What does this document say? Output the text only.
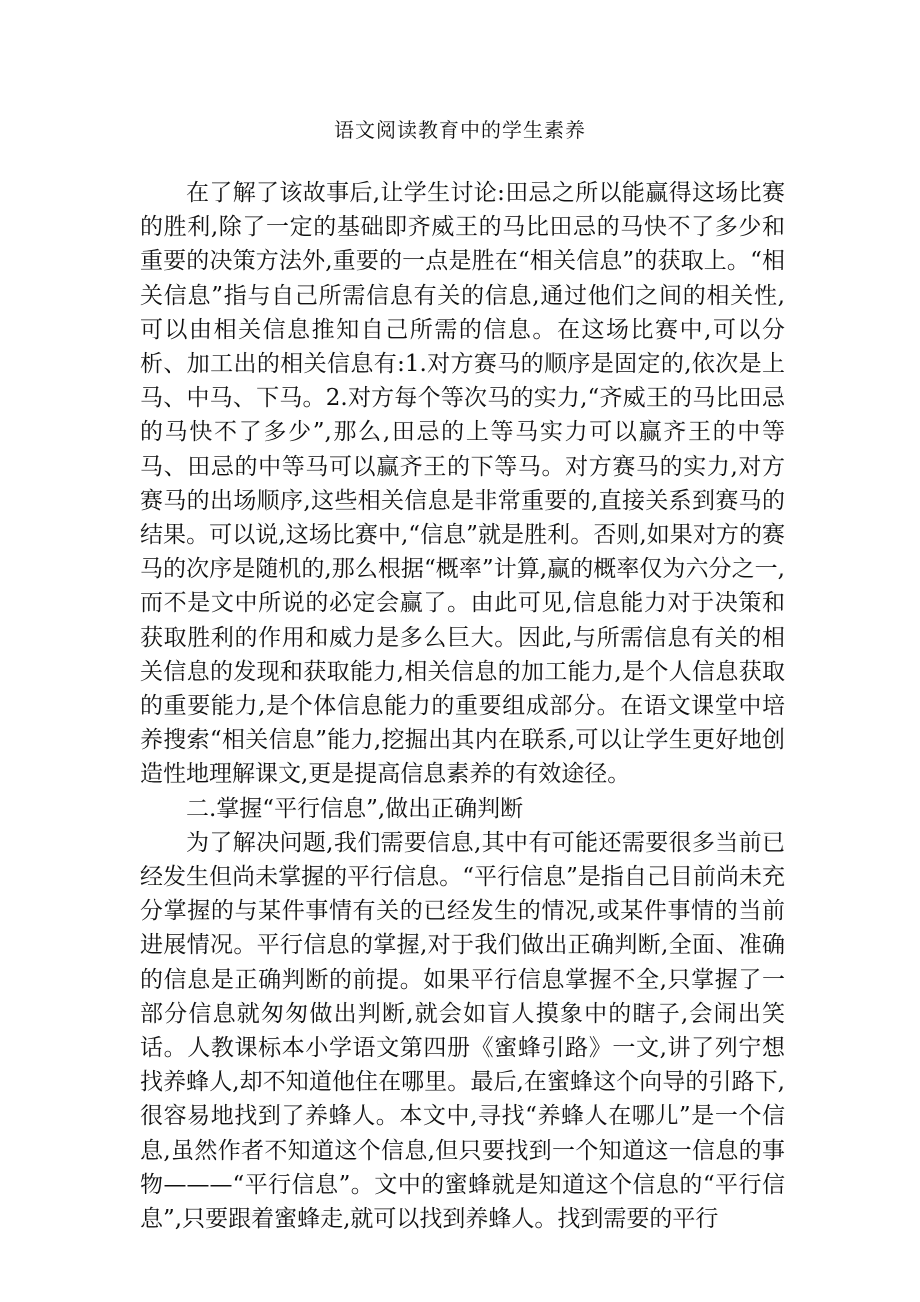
语文阅读教育中的学生素养

在了解了该故事后,让学生讨论:田忌之所以能赢得这场比赛的胜利,除了一定的基础即齐威王的马比田忌的马快不了多少和重要的决策方法外,重要的一点是胜在“相关信息”的获取上。“相关信息”指与自己所需信息有关的信息,通过他们之间的相关性,可以由相关信息推知自己所需的信息。在这场比赛中,可以分析、加工出的相关信息有:1.对方赛马的顺序是固定的,依次是上马、中马、下马。2.对方每个等次马的实力,“齐威王的马比田忌的马快不了多少”,那么,田忌的上等马实力可以赢齐王的中等马、田忌的中等马可以赢齐王的下等马。对方赛马的实力,对方赛马的出场顺序,这些相关信息是非常重要的,直接关系到赛马的结果。可以说,这场比赛中,“信息”就是胜利。否则,如果对方的赛马的次序是随机的,那么根据“概率”计算,赢的概率仅为六分之一,而不是文中所说的必定会赢了。由此可见,信息能力对于决策和获取胜利的作用和威力是多么巨大。因此,与所需信息有关的相关信息的发现和获取能力,相关信息的加工能力,是个人信息获取的重要能力,是个体信息能力的重要组成部分。在语文课堂中培养搜索“相关信息”能力,挖掘出其内在联系,可以让学生更好地创造性地理解课文,更是提高信息素养的有效途径。

二.掌握“平行信息”,做出正确判断

为了解决问题,我们需要信息,其中有可能还需要很多当前已经发生但尚未掌握的平行信息。“平行信息”是指自己目前尚未充分掌握的与某件事情有关的已经发生的情况,或某件事情的当前进展情况。平行信息的掌握,对于我们做出正确判断,全面、准确的信息是正确判断的前提。如果平行信息掌握不全,只掌握了一部分信息就匆匆做出判断,就会如盲人摸象中的瞎子,会闹出笑话。人教课标本小学语文第四册《蜜蜂引路》一文,讲了列宁想找养蜂人,却不知道他住在哪里。最后,在蜜蜂这个向导的引路下,很容易地找到了养蜂人。本文中,寻找“养蜂人在哪儿”是一个信息,虽然作者不知道这个信息,但只要找到一个知道这一信息的事物———“平行信息”。文中的蜜蜂就是知道这个信息的“平行信息”,只要跟着蜜蜂走,就可以找到养蜂人。找到需要的平行
